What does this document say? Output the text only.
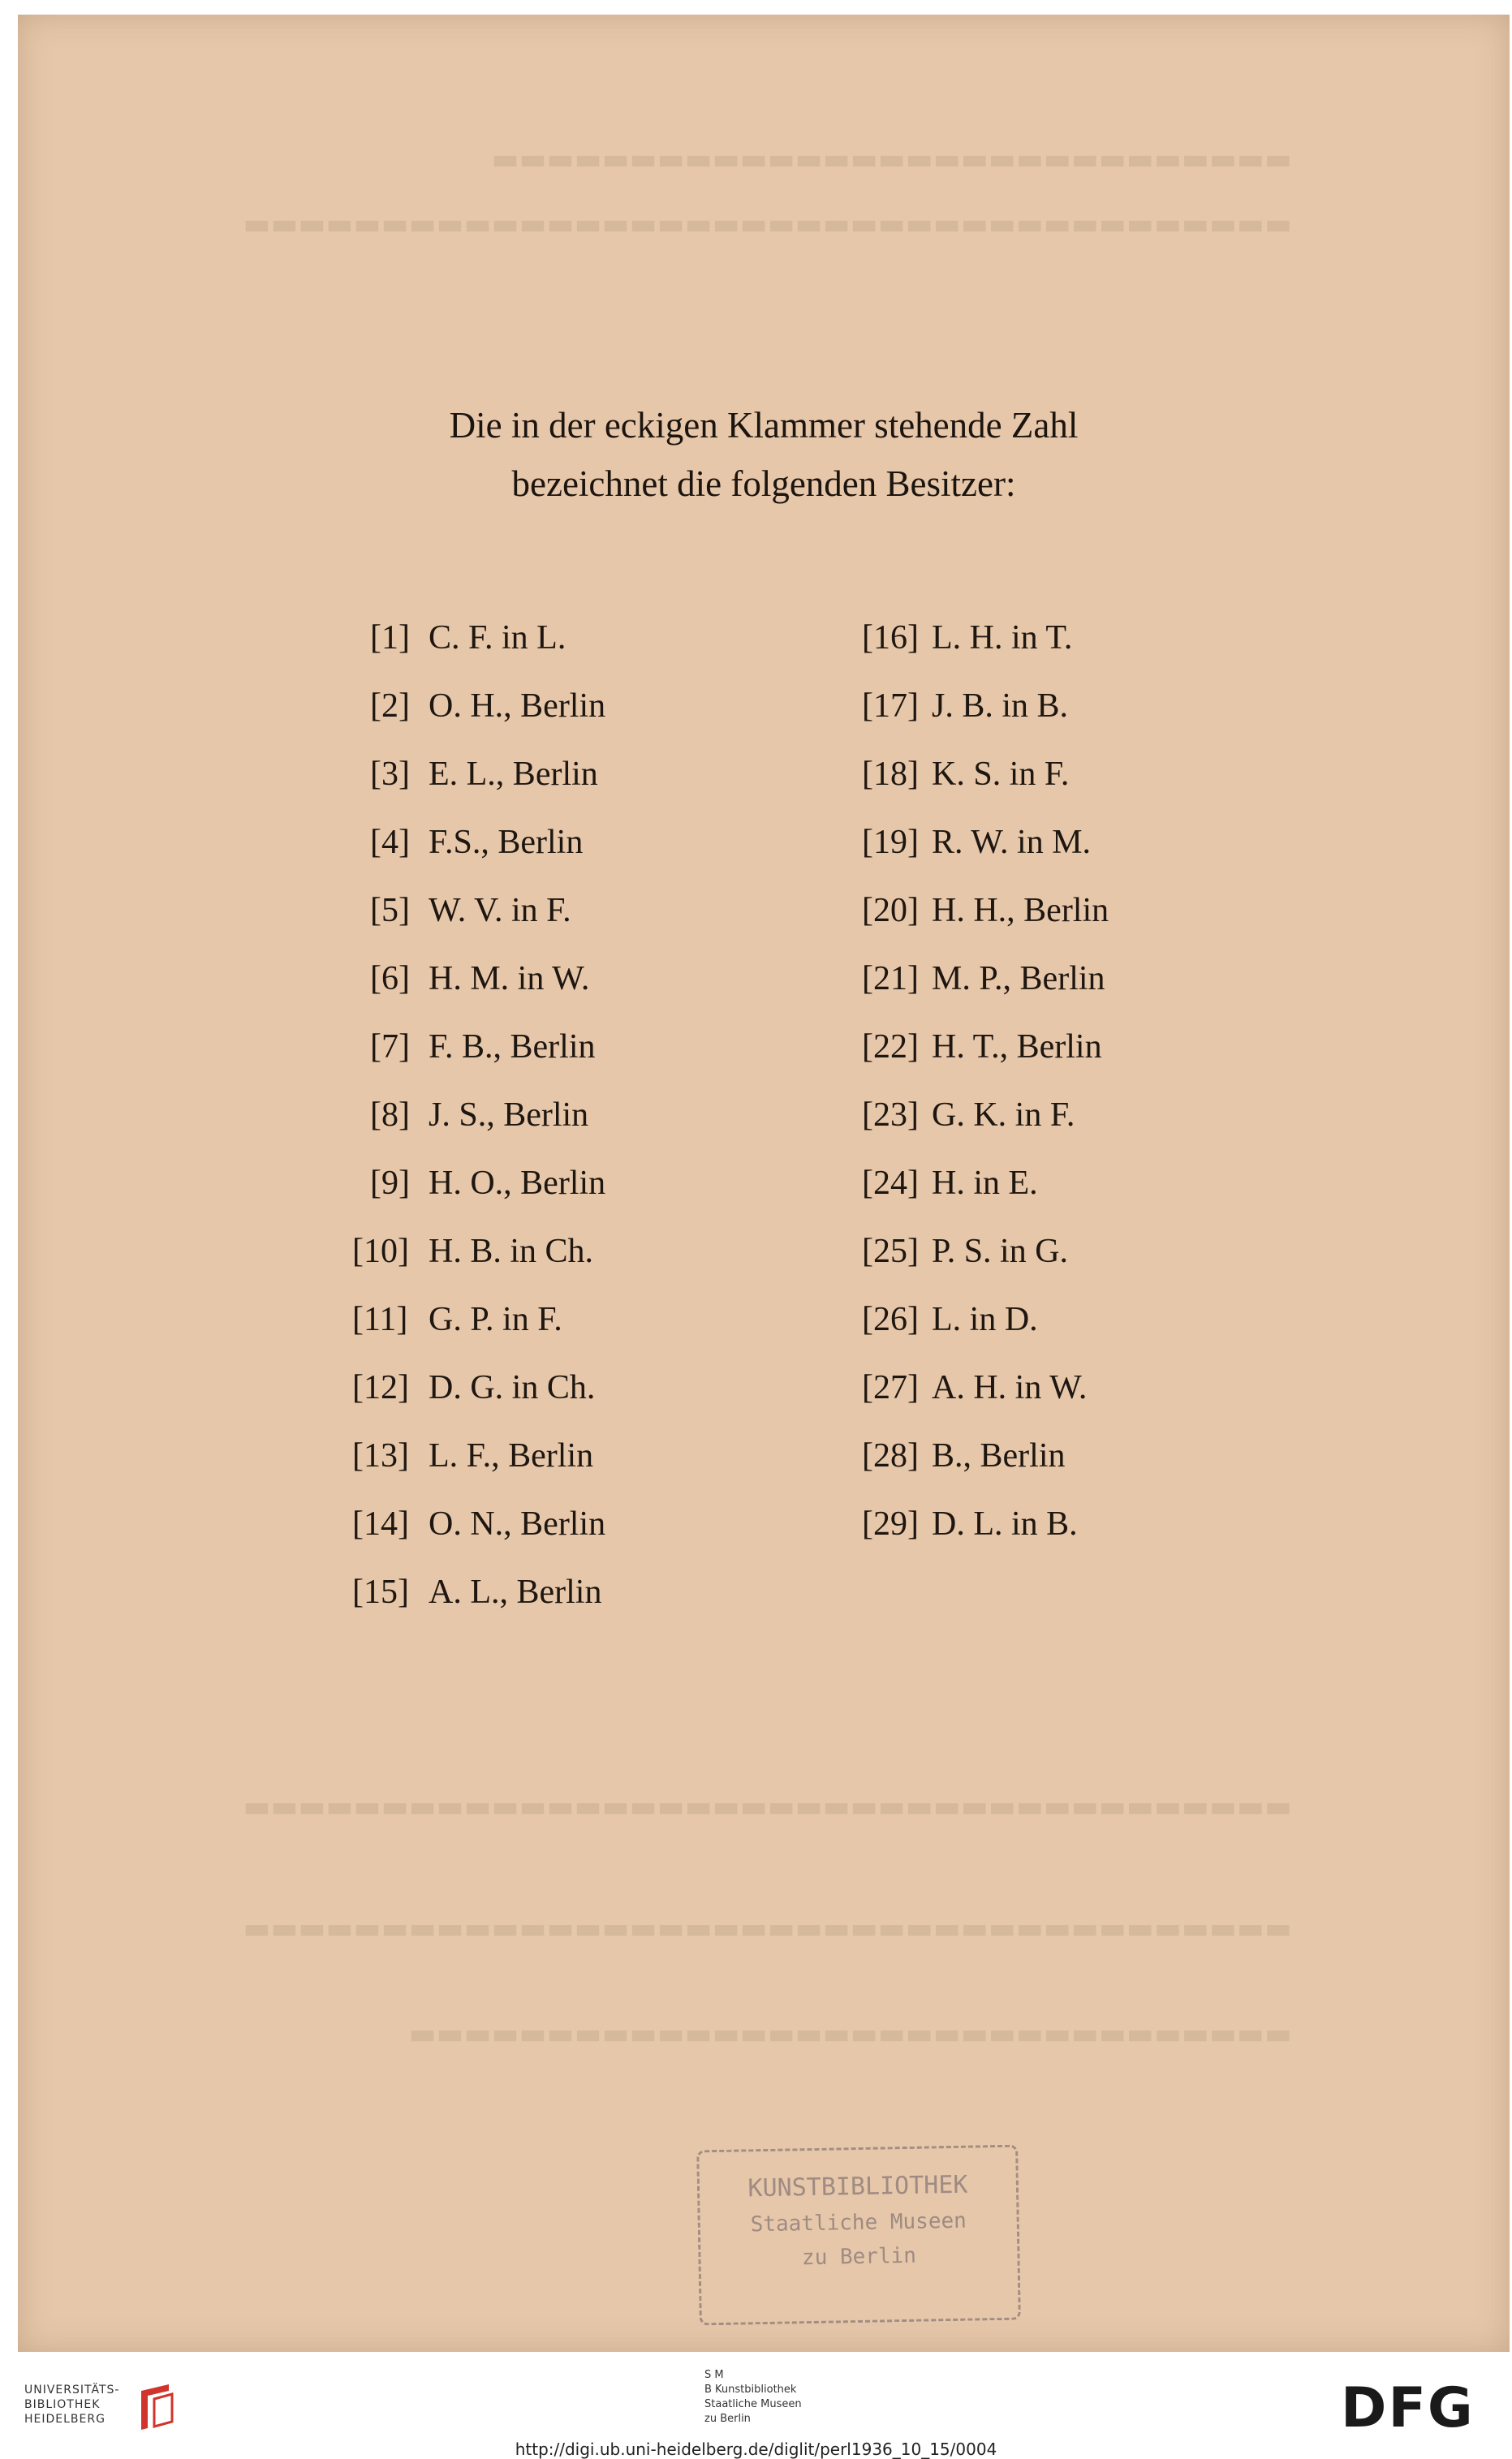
▬▬▬▬▬▬▬▬▬▬▬▬▬▬▬▬▬▬▬▬▬▬▬▬▬▬▬▬▬
▬▬▬▬▬▬▬▬▬▬▬▬▬▬▬▬▬▬▬▬▬▬▬▬▬▬▬▬▬▬▬▬▬▬▬▬▬▬
▬▬▬▬▬▬▬▬▬▬▬▬▬▬▬▬▬▬▬▬▬▬▬▬▬▬▬▬▬▬▬▬▬▬▬▬▬▬
▬▬▬▬▬▬▬▬▬▬▬▬▬▬▬▬▬▬▬▬▬▬▬▬▬▬▬▬▬▬▬▬▬▬▬▬▬▬
▬▬▬▬▬▬▬▬▬▬▬▬▬▬▬▬▬▬▬▬▬▬▬▬▬▬▬▬▬▬▬▬
Die in der eckigen Klammer stehende Zahl
bezeichnet die folgenden Besitzer:
[1] C. F. in L.
[2] O. H., Berlin
[3] E. L., Berlin
[4] F.S., Berlin
[5] W. V. in F.
[6] H. M. in W.
[7] F. B., Berlin
[8] J. S., Berlin
[9] H. O., Berlin
[10] H. B. in Ch.
[11] G. P. in F.
[12] D. G. in Ch.
[13] L. F., Berlin
[14] O. N., Berlin
[15] A. L., Berlin
[16] L. H. in T.
[17] J. B. in B.
[18] K. S. in F.
[19] R. W. in M.
[20] H. H., Berlin
[21] M. P., Berlin
[22] H. T., Berlin
[23] G. K. in F.
[24] H. in E.
[25] P. S. in G.
[26] L. in D.
[27] A. H. in W.
[28] B., Berlin
[29] D. L. in B.
KUNSTBIBLIOTHEK
Staatliche Museen
zu Berlin
UNIVERSITÄTS-
BIBLIOTHEK
HEIDELBERG
S M
B Kunstbibliothek
Staatliche Museen
zu Berlin	DFG
http://digi.ub.uni-heidelberg.de/diglit/perl1936_10_15/0004
